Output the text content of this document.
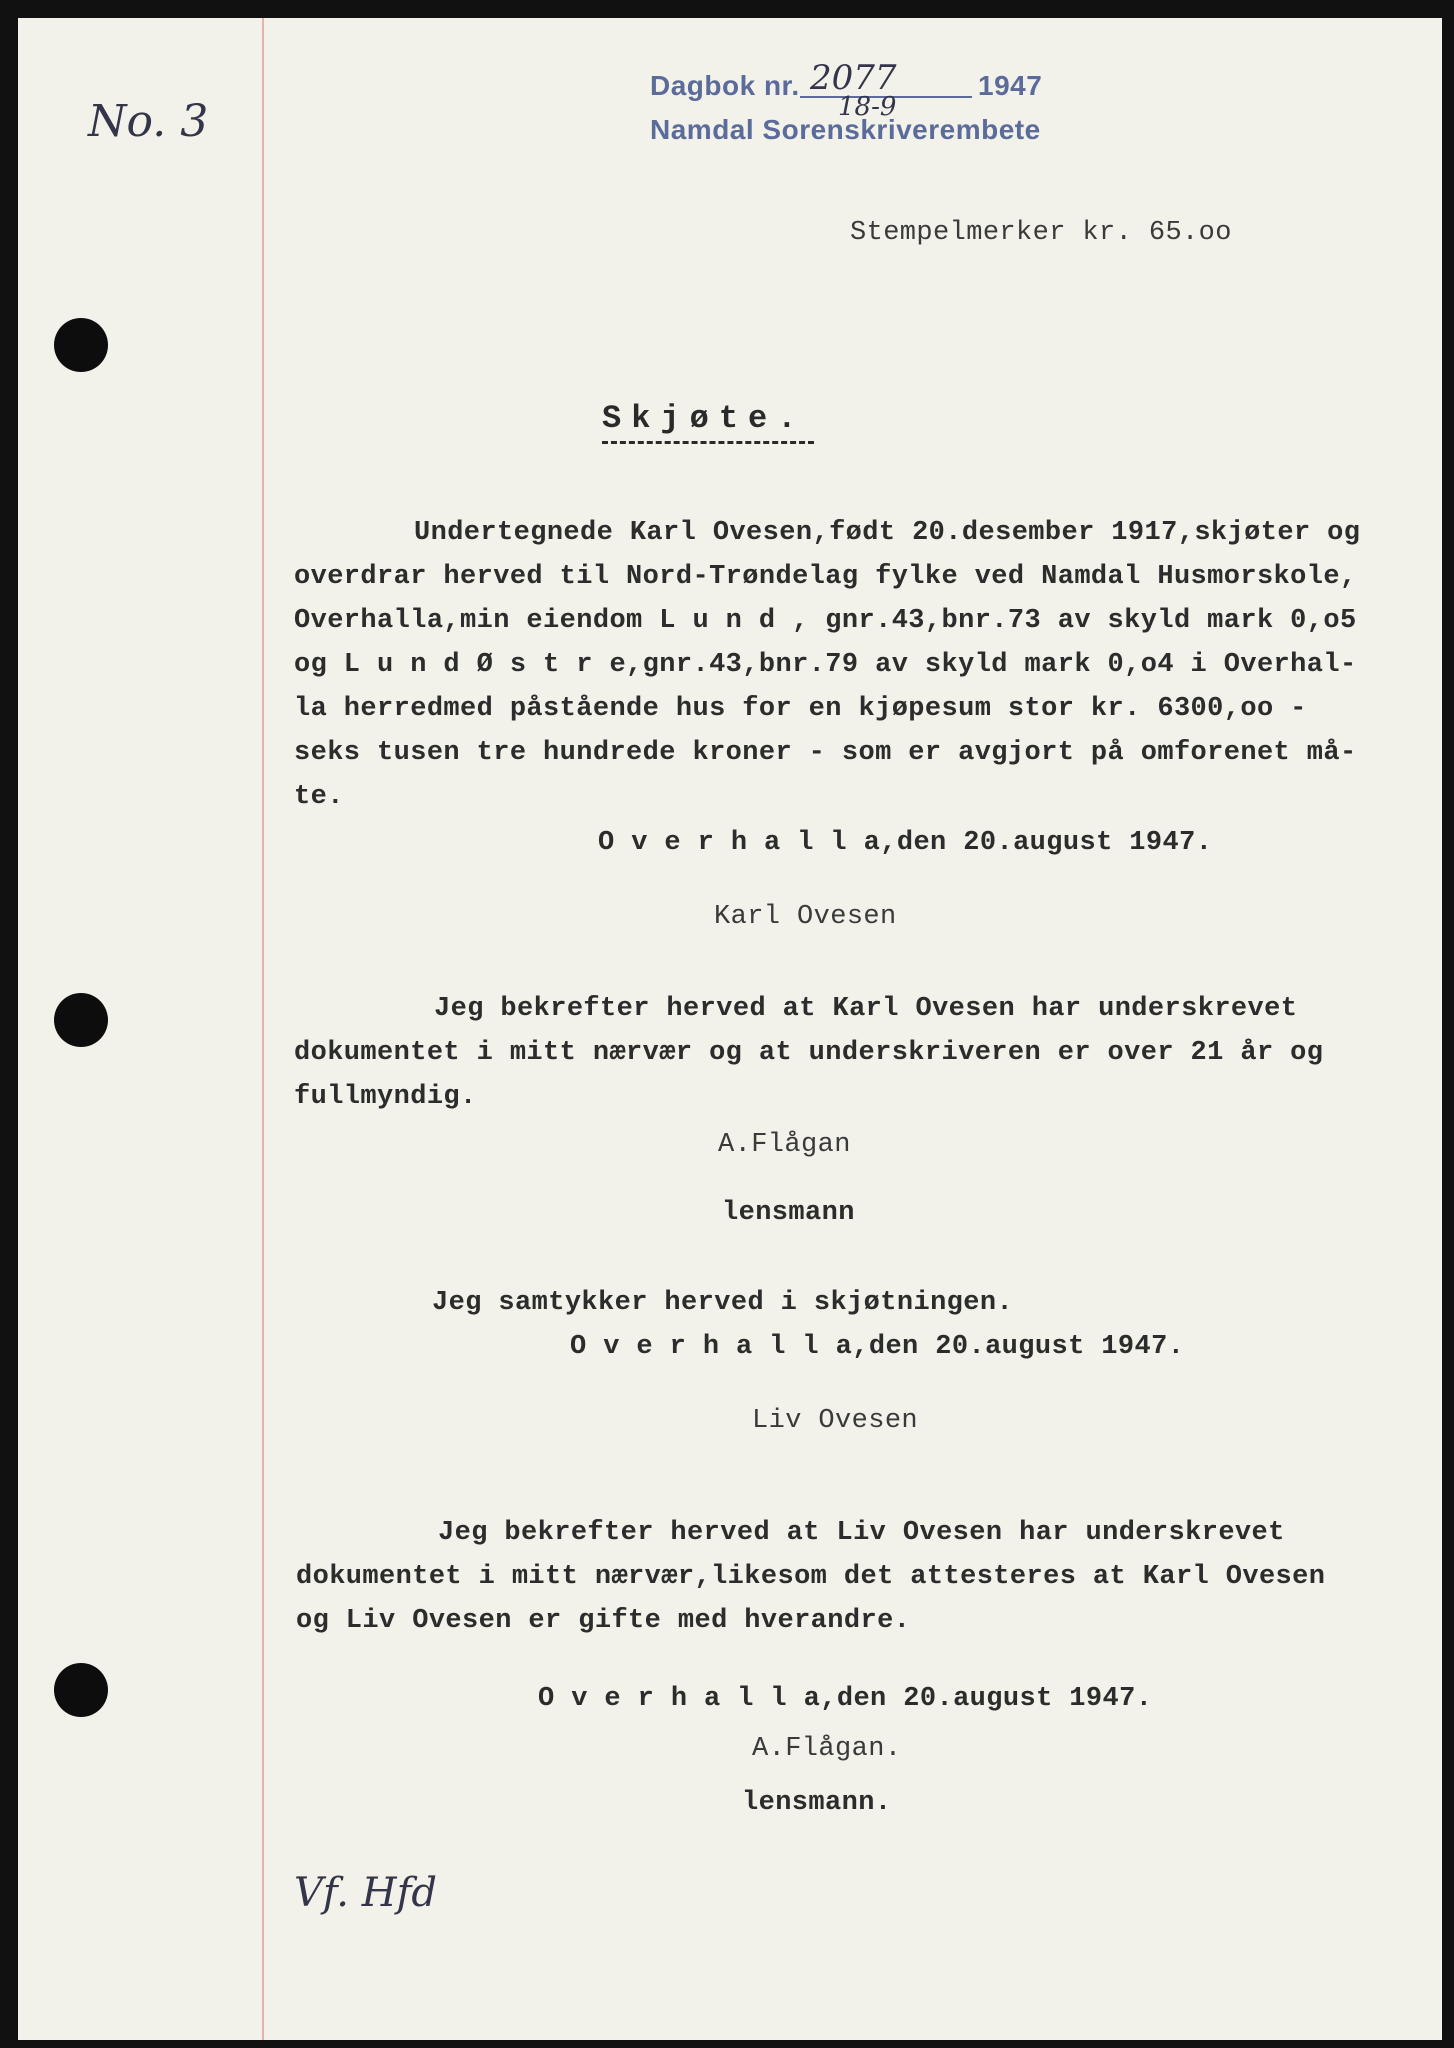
No. 3
Dagbok nr. 2077	1947
18-9
Namdal Sorenskriverembete

Stempelmerker kr. 65.oo

Skjøte.

Undertegnede Karl Ovesen,født 20.desember 1917,skjøter og

overdrar herved til Nord-Trøndelag fylke ved Namdal Husmorskole,

Overhalla,min eiendom L u n d , gnr.43,bnr.73 av skyld mark 0,o5

og L u n d Ø s t r e,gnr.43,bnr.79 av skyld mark 0,o4 i Overhal-

la herredmed påstående hus for en kjøpesum stor kr. 6300,oo -

seks tusen tre hundrede kroner - som er avgjort på omforenet må-

te.

O v e r h a l l a,den 20.august 1947.

Karl Ovesen

Jeg bekrefter herved at Karl Ovesen har underskrevet

dokumentet i mitt nærvær og at underskriveren er over 21 år og

fullmyndig.

A.Flågan

lensmann

Jeg samtykker herved i skjøtningen.

O v e r h a l l a,den 20.august 1947.

Liv Ovesen

Jeg bekrefter herved at Liv Ovesen har underskrevet

dokumentet i mitt nærvær,likesom det attesteres at Karl Ovesen

og Liv Ovesen er gifte med hverandre.

O v e r h a l l a,den 20.august 1947.

A.Flågan.

lensmann.

Vf. Hfd
